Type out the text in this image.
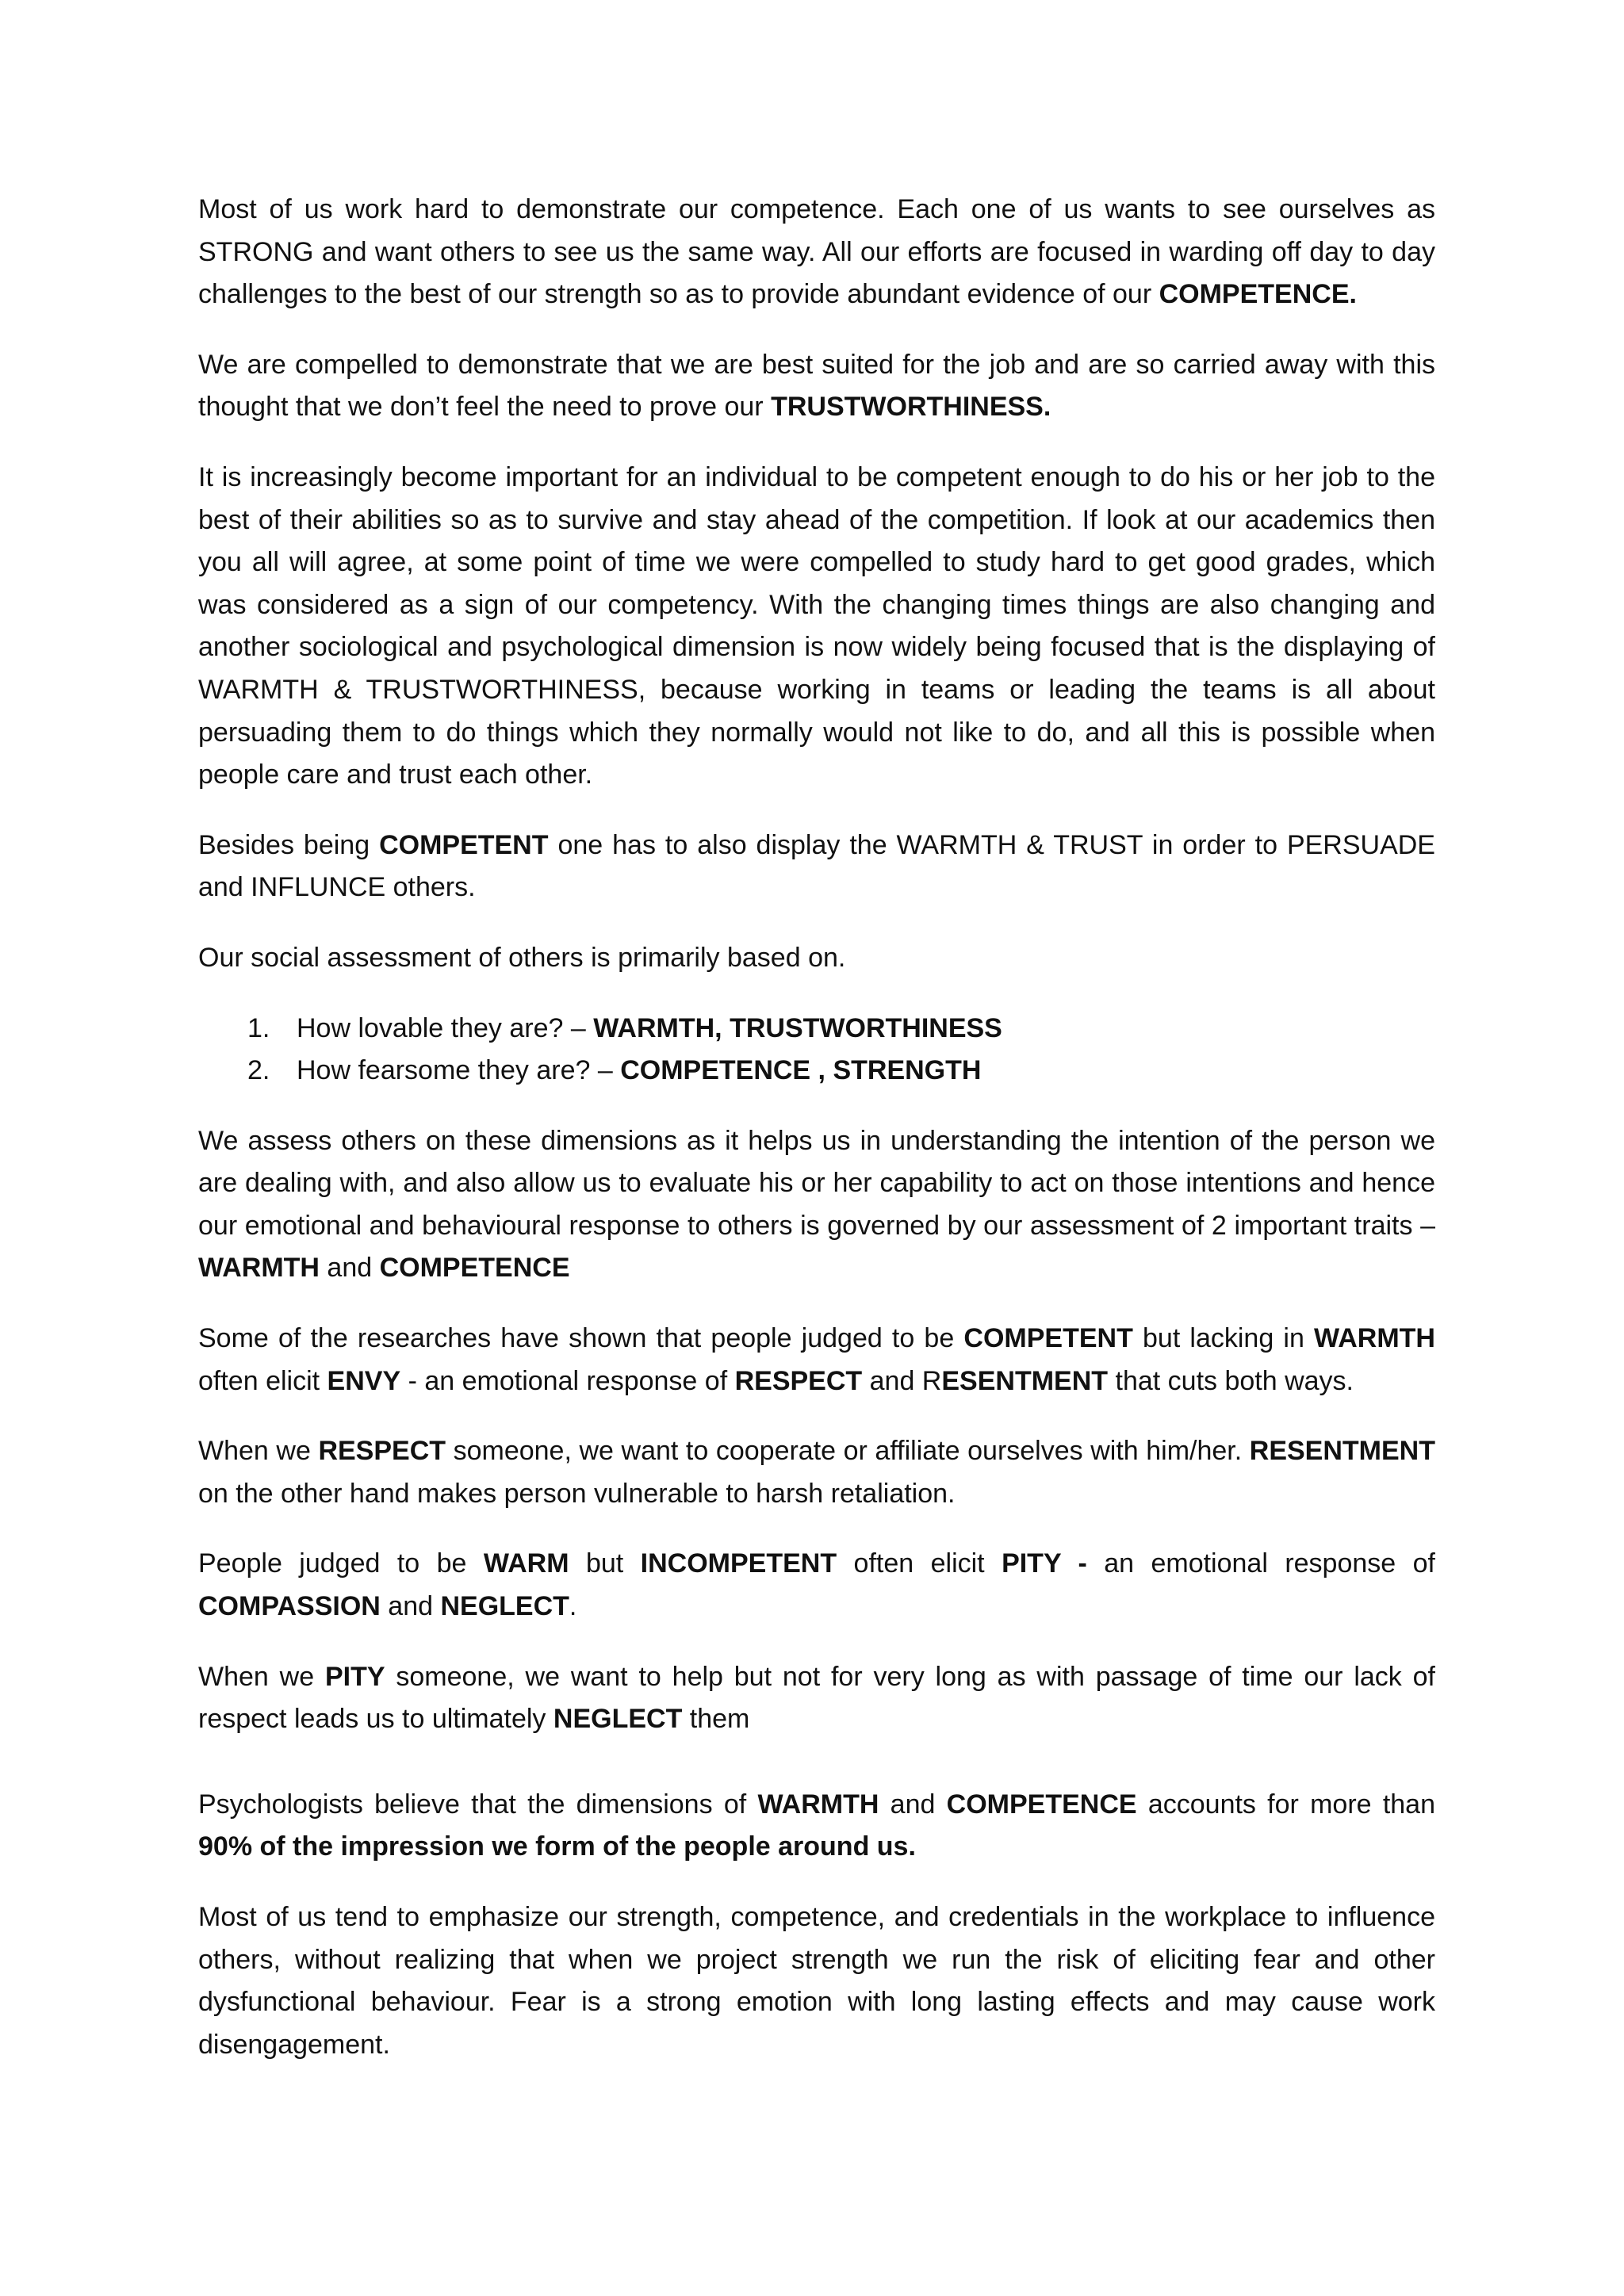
Most of us work hard to demonstrate our competence. Each one of us wants to see ourselves as STRONG and want others to see us the same way. All our efforts are focused in warding off day to day challenges to the best of our strength so as to provide abundant evidence of our COMPETENCE.

We are compelled to demonstrate that we are best suited for the job and are so carried away with this thought that we don’t feel the need to prove our TRUSTWORTHINESS.

It is increasingly become important for an individual to be competent enough to do his or her job to the best of their abilities so as to survive and stay ahead of the competition. If look at our academics then you all will agree, at some point of time we were compelled to study hard to get good grades, which was considered as a sign of our competency. With the changing times things are also changing and another sociological and psychological dimension is now widely being focused that is the displaying of WARMTH & TRUSTWORTHINESS, because working in teams or leading the teams is all about persuading them to do things which they normally would not like to do, and all this is possible when people care and trust each other.

Besides being COMPETENT one has to also display the WARMTH & TRUST in order to PERSUADE and INFLUNCE others.

Our social assessment of others is primarily based on.

1. How lovable they are? – WARMTH, TRUSTWORTHINESS
2. How fearsome they are? – COMPETENCE , STRENGTH

We assess others on these dimensions as it helps us in understanding the intention of the person we are dealing with, and also allow us to evaluate his or her capability to act on those intentions and hence our emotional and behavioural response to others is governed by our assessment of 2 important traits – WARMTH and COMPETENCE

Some of the researches have shown that people judged to be COMPETENT but lacking in WARMTH often elicit ENVY - an emotional response of RESPECT and RESENTMENT that cuts both ways.

When we RESPECT someone, we want to cooperate or affiliate ourselves with him/her. RESENTMENT on the other hand makes person vulnerable to harsh retaliation.

People judged to be WARM but INCOMPETENT often elicit PITY - an emotional response of COMPASSION and NEGLECT.

When we PITY someone, we want to help but not for very long as with passage of time our lack of respect leads us to ultimately NEGLECT them

Psychologists believe that the dimensions of WARMTH and COMPETENCE accounts for more than 90% of the impression we form of the people around us.

Most of us tend to emphasize our strength, competence, and credentials in the workplace to influence others, without realizing that when we project strength we run the risk of eliciting fear and other dysfunctional behaviour. Fear is a strong emotion with long lasting effects and may cause work disengagement.
